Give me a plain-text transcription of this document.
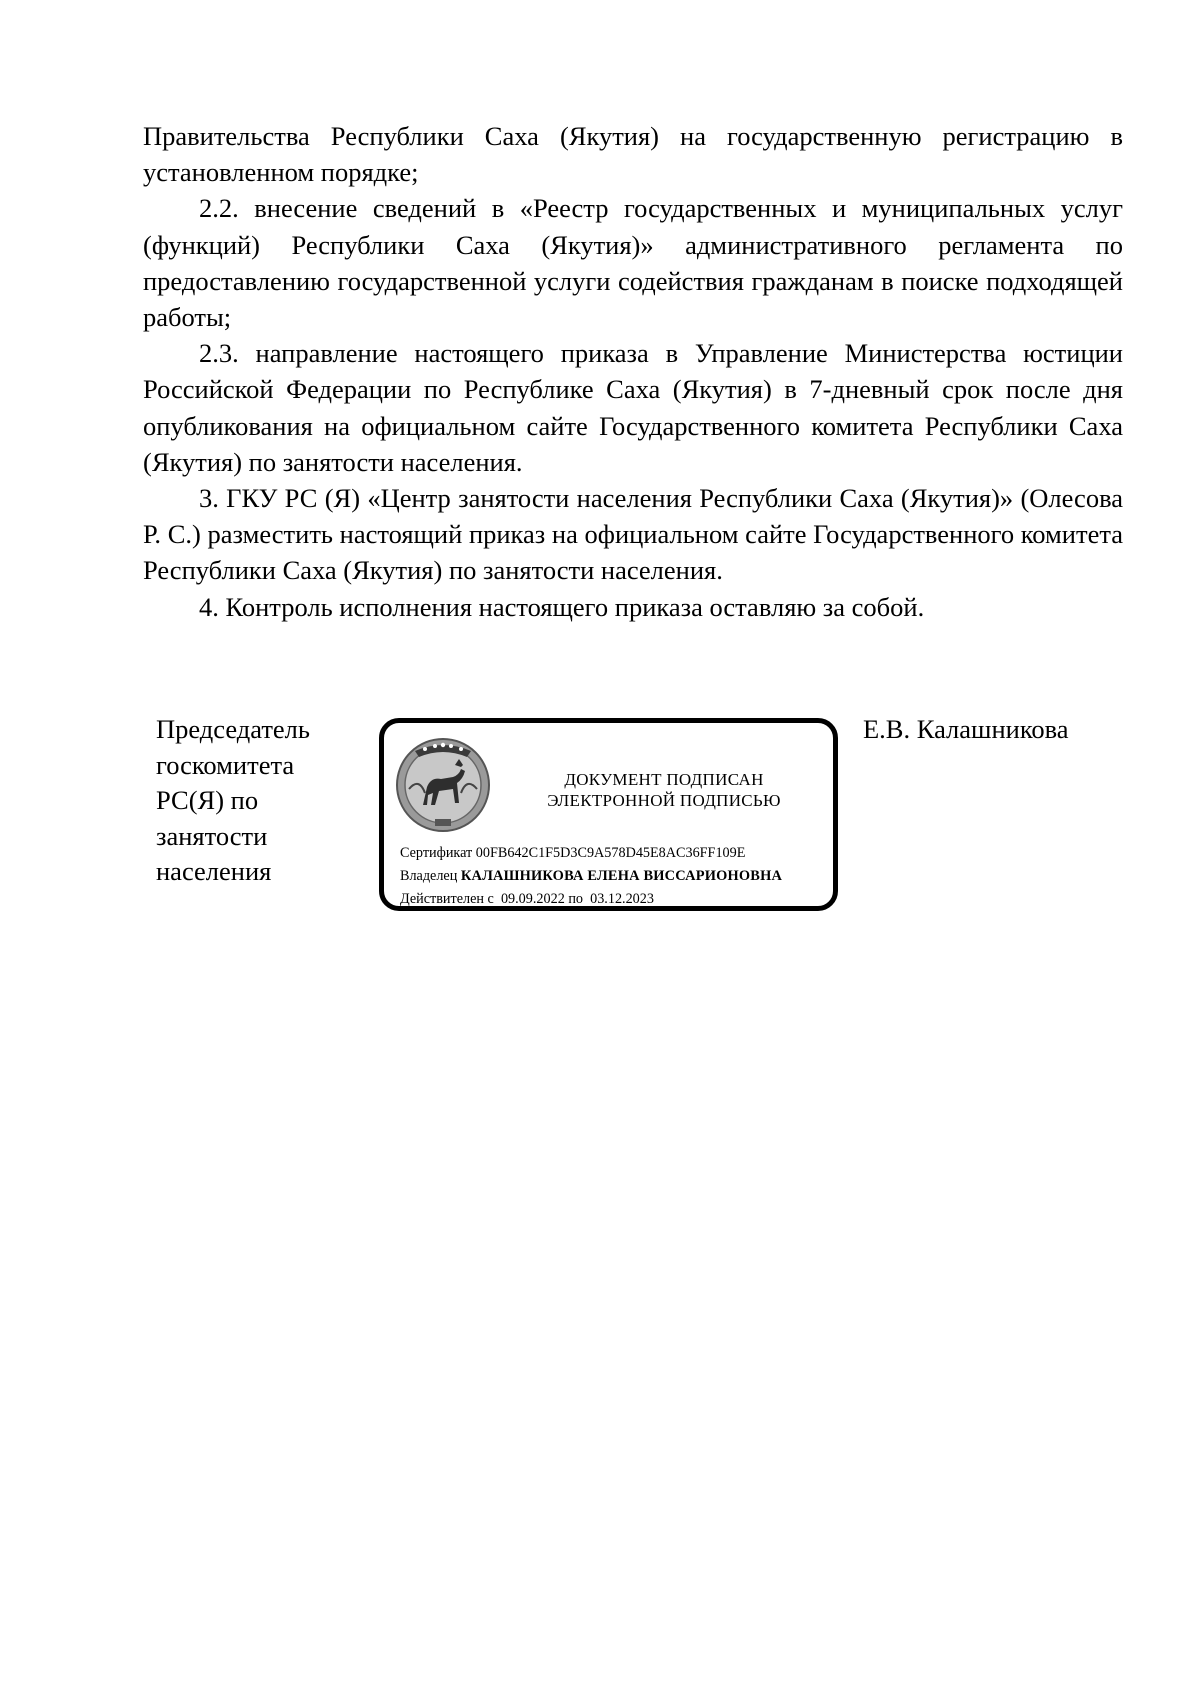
Правительства Республики Саха (Якутия) на государственную регистрацию в установленном порядке;

2.2. внесение сведений в «Реестр государственных и муниципальных услуг (функций) Республики Саха (Якутия)» административного регламента по предоставлению государственной услуги содействия гражданам в поиске подходящей работы;

2.3. направление настоящего приказа в Управление Министерства юстиции Российской Федерации по Республике Саха (Якутия) в 7-дневный срок после дня опубликования на официальном сайте Государственного комитета Республики Саха (Якутия) по занятости населения.

3. ГКУ РС (Я) «Центр занятости населения Республики Саха (Якутия)» (Олесова Р. С.) разместить настоящий приказ на официальном сайте Государственного комитета Республики Саха (Якутия) по занятости населения.

4. Контроль исполнения настоящего приказа оставляю за собой.

Председатель
госкомитета
РС(Я) по
занятости
населения
Е.В. Калашникова
ДОКУМЕНТ ПОДПИСАН
ЭЛЕКТРОННОЙ ПОДПИСЬЮ
Сертификат 00FB642C1F5D3C9A578D45E8AC36FF109E
Владелец КАЛАШНИКОВА ЕЛЕНА ВИССАРИОНОВНА
Действителен с 09.09.2022 по 03.12.2023
